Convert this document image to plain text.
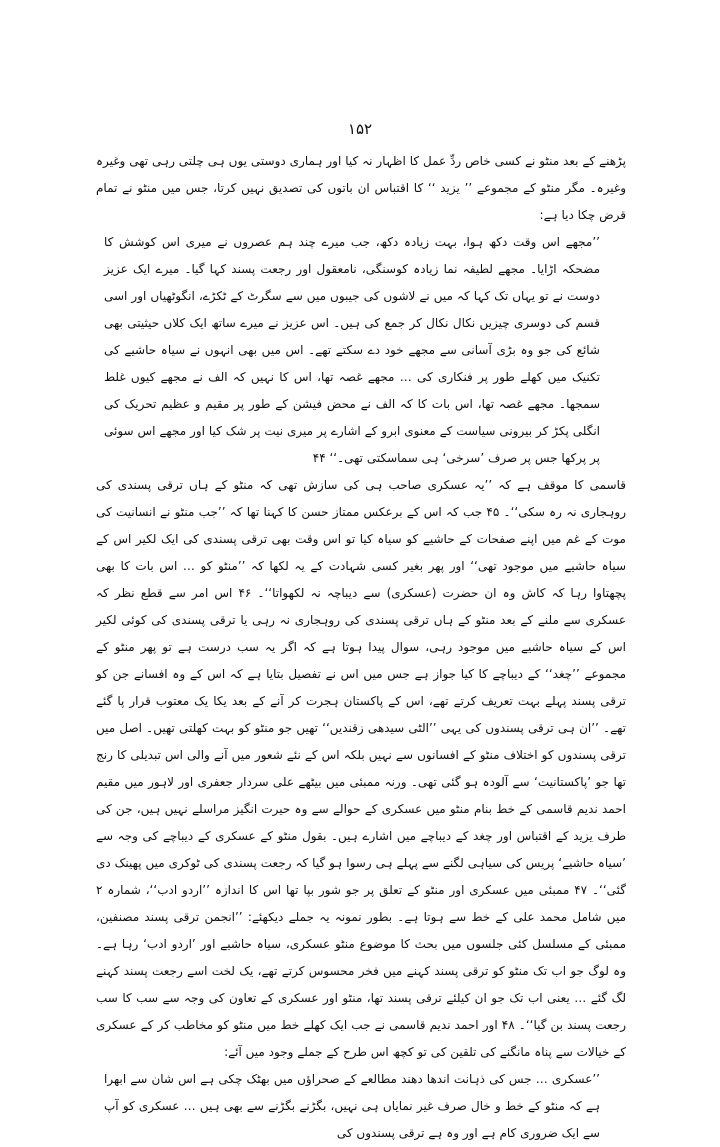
۱۵۲

پڑھنے کے بعد منٹو نے کسی خاص ردِّ عمل کا اظہار نہ کیا اور ہماری دوستی یوں ہی چلتی رہی تھی وغیرہ وغیرہ۔ مگر منٹو کے مجموعے ’’ یزید ‘‘ کا اقتباس ان باتوں کی تصدیق نہیں کرتا، جس میں منٹو نے تمام قرض چکا دیا ہے:

’’مجھے اس وقت دکھ ہوا، بہت زیادہ دکھ، جب میرے چند ہم عصروں نے میری اس کوشش کا مضحکہ اڑایا۔ مجھے لطیفہ نما زیادہ کوسنگی، نامعقول اور رجعت پسند کہا گیا۔ میرے ایک عزیز دوست نے تو یہاں تک کہا کہ میں نے لاشوں کی جیبوں میں سے سگرٹ کے ٹکڑے، انگوٹھیاں اور اسی قسم کی دوسری چیزیں نکال نکال کر جمع کی ہیں۔ اس عزیز نے میرے ساتھ ایک کلاں حیثیتی بھی شائع کی جو وہ بڑی آسانی سے مجھے خود دے سکتے تھے۔ اس میں بھی انہوں نے سیاہ حاشیے کی تکنیک میں کھلے طور پر فنکاری کی … مجھے غصہ تھا، اس کا نہیں کہ الف نے مجھے کیوں غلط سمجھا۔ مجھے غصہ تھا، اس بات کا کہ الف نے محض فیشن کے طور پر مقیم و عظیم تحریک کی انگلی پکڑ کر بیرونی سیاست کے معنوی ابرو کے اشارے پر میری نیت پر شک کیا اور مجھے اس سوئی پر پرکھا جس پر صرف ’سرخی‘ ہی سماسکتی تھی۔‘‘ ۴۴

قاسمی کا موقف ہے کہ ’’یہ عسکری صاحب ہی کی سازش تھی کہ منٹو کے ہاں ترقی پسندی کی روہجاری نہ رہ سکی‘‘۔ ۴۵ جب کہ اس کے برعکس ممتاز حسن کا کہنا تھا کہ ’’جب منٹو نے انسانیت کی موت کے غم میں اپنے صفحات کے حاشیے کو سیاہ کیا تو اس وقت بھی ترقی پسندی کی ایک لکیر اس کے سیاہ حاشیے میں موجود تھی‘‘ اور پھر بغیر کسی شہادت کے یہ لکھا کہ ’’منٹو کو … اس بات کا بھی پچھتاوا رہا کہ کاش وہ ان حضرت (عسکری) سے دیباچہ نہ لکھواتا‘‘۔ ۴۶ اس امر سے قطع نظر کہ عسکری سے ملنے کے بعد منٹو کے ہاں ترقی پسندی کی روہجاری نہ رہی یا ترقی پسندی کی کوئی لکیر اس کے سیاہ حاشیے میں موجود رہی، سوال پیدا ہوتا ہے کہ اگر یہ سب درست ہے تو پھر منٹو کے مجموعے ’’چغد‘‘ کے دیباچے کا کیا جواز ہے جس میں اس نے تفصیل بتایا ہے کہ اس کے وہ افسانے جن کو ترقی پسند پہلے بہت تعریف کرتے تھے، اس کے پاکستان ہجرت کر آنے کے بعد یکا یک معتوب قرار پا گئے تھے۔ ’’ان ہی ترقی پسندوں کی یہی ’’الٹی سیدھی زقندیں‘‘ تھیں جو منٹو کو بہت کھلتی تھیں۔ اصل میں ترقی پسندوں کو اختلاف منٹو کے افسانوں سے نہیں بلکہ اس کے نئے شعور میں آنے والی اس تبدیلی کا رنج تھا جو ’پاکستانیت‘ سے آلودہ ہو گئی تھی۔ ورنہ ممبئی میں بیٹھے علی سردار جعفری اور لاہور میں مقیم احمد ندیم قاسمی کے خط بنام منٹو میں عسکری کے حوالے سے وہ حیرت انگیز مراسلے نہیں ہیں، جن کی طرف یزید کے اقتباس اور چغد کے دیباچے میں اشارے ہیں۔ بقول منٹو کے عسکری کے دیباچے کی وجہ سے ’سیاہ حاشیے‘ پریس کی سیاہی لگنے سے پہلے ہی رسوا ہو گیا کہ رجعت پسندی کی ٹوکری میں پھینک دی گئی‘‘۔ ۴۷ ممبئی میں عسکری اور منٹو کے تعلق پر جو شور بپا تھا اس کا اندازہ ’’اردو ادب‘‘، شمارہ ۲ میں شامل محمد علی کے خط سے ہوتا ہے۔ بطور نمونہ یہ جملے دیکھئے: ’’انجمن ترقی پسند مصنفین، ممبئی کے مسلسل کئی جلسوں میں بحث کا موضوع منٹو عسکری، سیاہ حاشیے اور ’اردو ادب‘ رہا ہے۔ وہ لوگ جو اب تک منٹو کو ترقی پسند کہنے میں فخر محسوس کرتے تھے، یک لخت اسے رجعت پسند کہنے لگ گئے … یعنی اب تک جو ان کیلئے ترقی پسند تھا، منٹو اور عسکری کے تعاون کی وجہ سے سب کا سب رجعت پسند بن گیا‘‘۔ ۴۸ اور احمد ندیم قاسمی نے جب ایک کھلے خط میں منٹو کو مخاطب کر کے عسکری کے خیالات سے پناہ مانگنے کی تلقین کی تو کچھ اس طرح کے جملے وجود میں آئے:

’’عسکری … جس کی ذہانت اندھا دھند مطالعے کے صحراؤں میں بھٹک چکی ہے اس شان سے ابھرا ہے کہ منٹو کے خط و خال صرف غیر نمایاں ہی نہیں، بگڑنے بگڑنے سے بھی ہیں … عسکری کو آپ سے ایک ضروری کام ہے اور وہ ہے ترقی پسندوں کی
